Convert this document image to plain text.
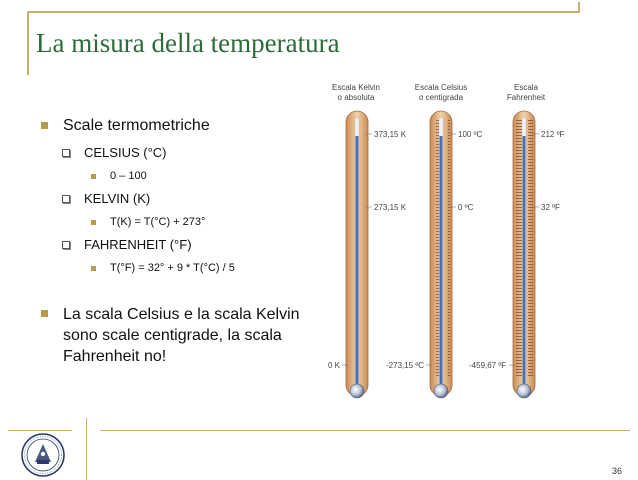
La misura della temperatura
Scale termometriche
CELSIUS (°C)
0 – 100
KELVIN (K)
T(K) = T(°C) + 273°
FAHRENHEIT (°F)
T(°F) = 32° + 9 * T(°C) / 5
La scala Celsius e la scala Kelvin sono scale centigrade, la scala Fahrenheit no!
Escala Kelvin
o absoluta
373,15 K
273,15 K
0 K
Escala Celsius
o centigrada
100 ºC
0 ºC
-273,15 ºC
Escala
Fahrenheit
212 ºF
32 ºF
-459,67 ºF
36
